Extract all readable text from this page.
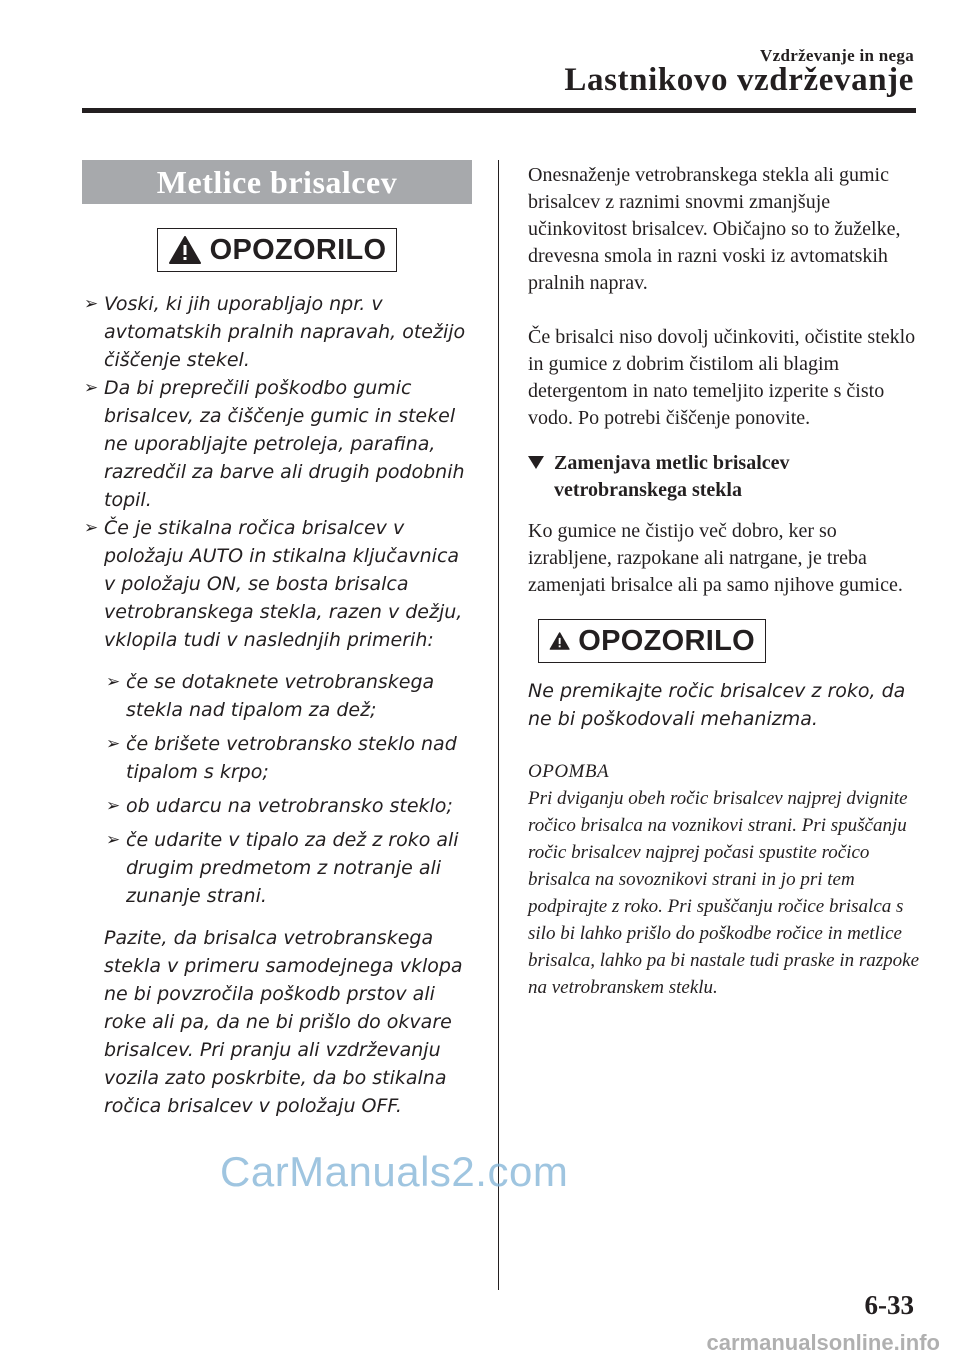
Vzdrževanje in nega
Lastnikovo vzdrževanje
Metlice brisalcev
OPOZORILO
➢ Voski, ki jih uporabljajo npr. v avtomatskih pralnih napravah, otežijo čiščenje stekel.
➢ Da bi preprečili poškodbo gumic brisalcev, za čiščenje gumic in stekel ne uporabljajte petroleja, parafina, razredčil za barve ali drugih podobnih topil.
➢ Če je stikalna ročica brisalcev v položaju AUTO in stikalna ključavnica v položaju ON, se bosta brisalca vetrobranskega stekla, razen v dežju, vklopila tudi v naslednjih primerih:
➢ če se dotaknete vetrobranskega stekla nad tipalom za dež;
➢ če brišete vetrobransko steklo nad tipalom s krpo;
➢ ob udarcu na vetrobransko steklo;
➢ če udarite v tipalo za dež z roko ali drugim predmetom z notranje ali zunanje strani.
Pazite, da brisalca vetrobranskega stekla v primeru samodejnega vklopa ne bi povzročila poškodb prstov ali roke ali pa, da ne bi prišlo do okvare brisalcev. Pri pranju ali vzdrževanju vozila zato poskrbite, da bo stikalna ročica brisalcev v položaju OFF.
Onesnaženje vetrobranskega stekla ali gumic brisalcev z raznimi snovmi zmanjšuje učinkovitost brisalcev. Običajno so to žuželke, drevesna smola in razni voski iz avtomatskih pralnih naprav.
Če brisalci niso dovolj učinkoviti, očistite steklo in gumice z dobrim čistilom ali blagim detergentom in nato temeljito izperite s čisto vodo. Po potrebi čiščenje ponovite.
Zamenjava metlic brisalcev vetrobranskega stekla
Ko gumice ne čistijo več dobro, ker so izrabljene, razpokane ali natrgane, je treba zamenjati brisalce ali pa samo njihove gumice.
OPOZORILO
Ne premikajte ročic brisalcev z roko, da ne bi poškodovali mehanizma.
OPOMBA
Pri dviganju obeh ročic brisalcev najprej dvignite ročico brisalca na voznikovi strani. Pri spuščanju ročic brisalcev najprej počasi spustite ročico brisalca na sovoznikovi strani in jo pri tem podpirajte z roko. Pri spuščanju ročice brisalca s silo bi lahko prišlo do poškodbe ročice in metlice brisalca, lahko pa bi nastale tudi praske in razpoke na vetrobranskem steklu.
CarManuals2.com
6-33
carmanualsonline.info
